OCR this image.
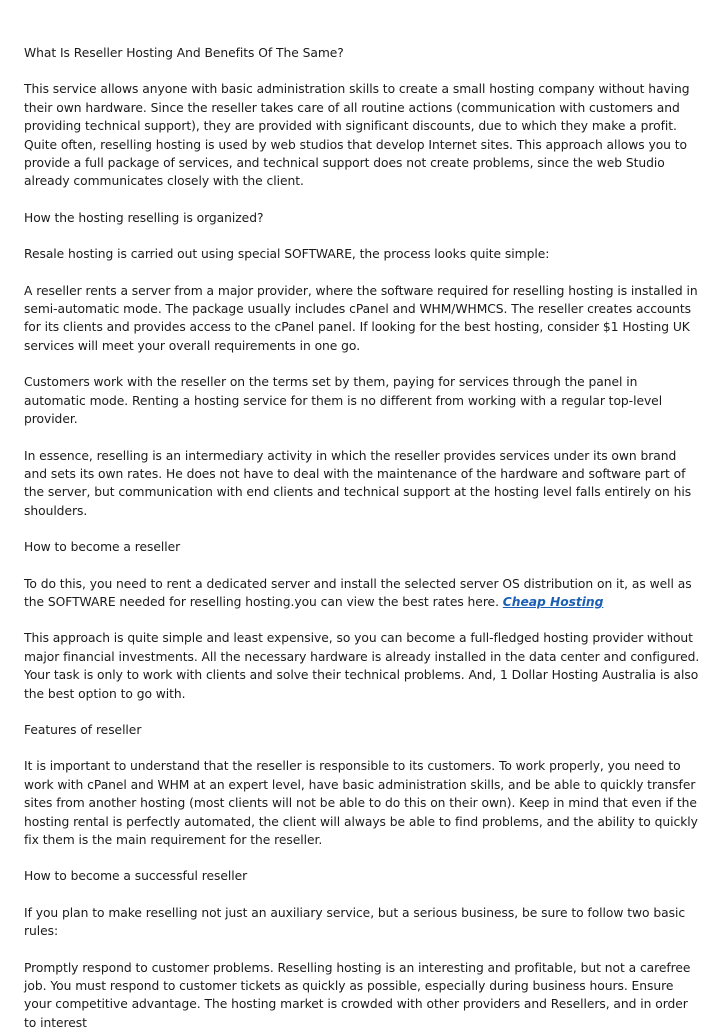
What Is Reseller Hosting And Benefits Of The Same?

This service allows anyone with basic administration skills to create a small hosting company without having their own hardware. Since the reseller takes care of all routine actions (communication with customers and providing technical support), they are provided with significant discounts, due to which they make a profit. Quite often, reselling hosting is used by web studios that develop Internet sites. This approach allows you to provide a full package of services, and technical support does not create problems, since the web Studio already communicates closely with the client.

How the hosting reselling is organized?

Resale hosting is carried out using special SOFTWARE, the process looks quite simple:

A reseller rents a server from a major provider, where the software required for reselling hosting is installed in semi-automatic mode. The package usually includes cPanel and WHM/WHMCS. The reseller creates accounts for its clients and provides access to the cPanel panel. If looking for the best hosting, consider $1 Hosting UK services will meet your overall requirements in one go.

Customers work with the reseller on the terms set by them, paying for services through the panel in automatic mode. Renting a hosting service for them is no different from working with a regular top-level provider.

In essence, reselling is an intermediary activity in which the reseller provides services under its own brand and sets its own rates. He does not have to deal with the maintenance of the hardware and software part of the server, but communication with end clients and technical support at the hosting level falls entirely on his shoulders.

How to become a reseller

To do this, you need to rent a dedicated server and install the selected server OS distribution on it, as well as the SOFTWARE needed for reselling hosting.you can view the best rates here. Cheap Hosting

This approach is quite simple and least expensive, so you can become a full-fledged hosting provider without major financial investments. All the necessary hardware is already installed in the data center and configured. Your task is only to work with clients and solve their technical problems. And, 1 Dollar Hosting Australia is also the best option to go with.

Features of reseller

It is important to understand that the reseller is responsible to its customers. To work properly, you need to work with cPanel and WHM at an expert level, have basic administration skills, and be able to quickly transfer sites from another hosting (most clients will not be able to do this on their own). Keep in mind that even if the hosting rental is perfectly automated, the client will always be able to find problems, and the ability to quickly fix them is the main requirement for the reseller.

How to become a successful reseller

If you plan to make reselling not just an auxiliary service, but a serious business, be sure to follow two basic rules:

Promptly respond to customer problems. Reselling hosting is an interesting and profitable, but not a carefree job. You must respond to customer tickets as quickly as possible, especially during business hours. Ensure your competitive advantage. The hosting market is crowded with other providers and Resellers, and in order to interest
